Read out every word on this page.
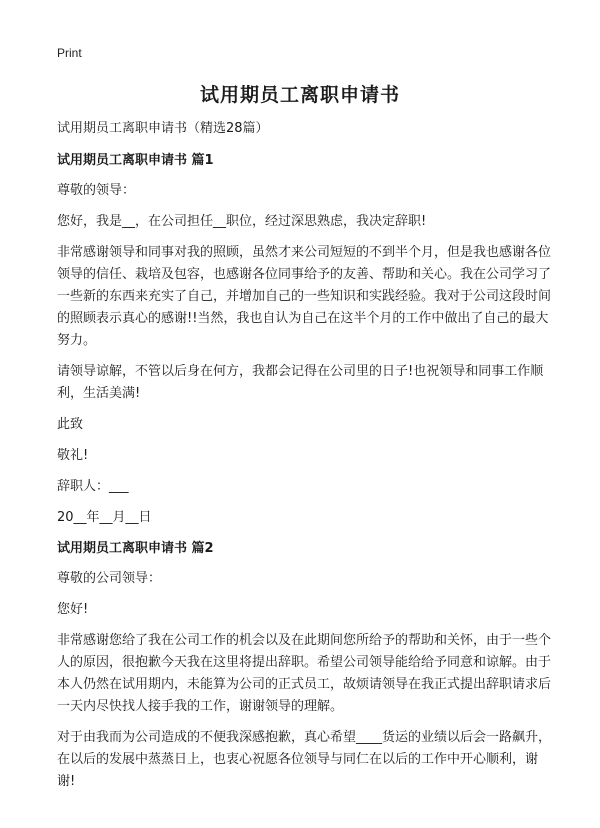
Print
试用期员工离职申请书

试用期员工离职申请书（精选28篇）

试用期员工离职申请书 篇1

尊敬的领导：

您好，我是__，在公司担任__职位，经过深思熟虑，我决定辞职!

非常感谢领导和同事对我的照顾，虽然才来公司短短的不到半个月，但是我也感谢各位领导的信任、栽培及包容，也感谢各位同事给予的友善、帮助和关心。我在公司学习了一些新的东西来充实了自己，并增加自己的一些知识和实践经验。我对于公司这段时间的照顾表示真心的感谢!!当然，我也自认为自己在这半个月的工作中做出了自己的最大努力。

请领导谅解，不管以后身在何方，我都会记得在公司里的日子!也祝领导和同事工作顺利，生活美满!

此致

敬礼!

辞职人：___

20__年__月__日

试用期员工离职申请书 篇2

尊敬的公司领导：

您好!

非常感谢您给了我在公司工作的机会以及在此期间您所给予的帮助和关怀，由于一些个人的原因，很抱歉今天我在这里将提出辞职。希望公司领导能给给予同意和谅解。由于本人仍然在试用期内，未能算为公司的正式员工，故烦请领导在我正式提出辞职请求后一天内尽快找人接手我的工作，谢谢领导的理解。

对于由我而为公司造成的不便我深感抱歉，真心希望____货运的业绩以后会一路飙升，在以后的发展中蒸蒸日上，也衷心祝愿各位领导与同仁在以后的工作中开心顺利，谢谢!
